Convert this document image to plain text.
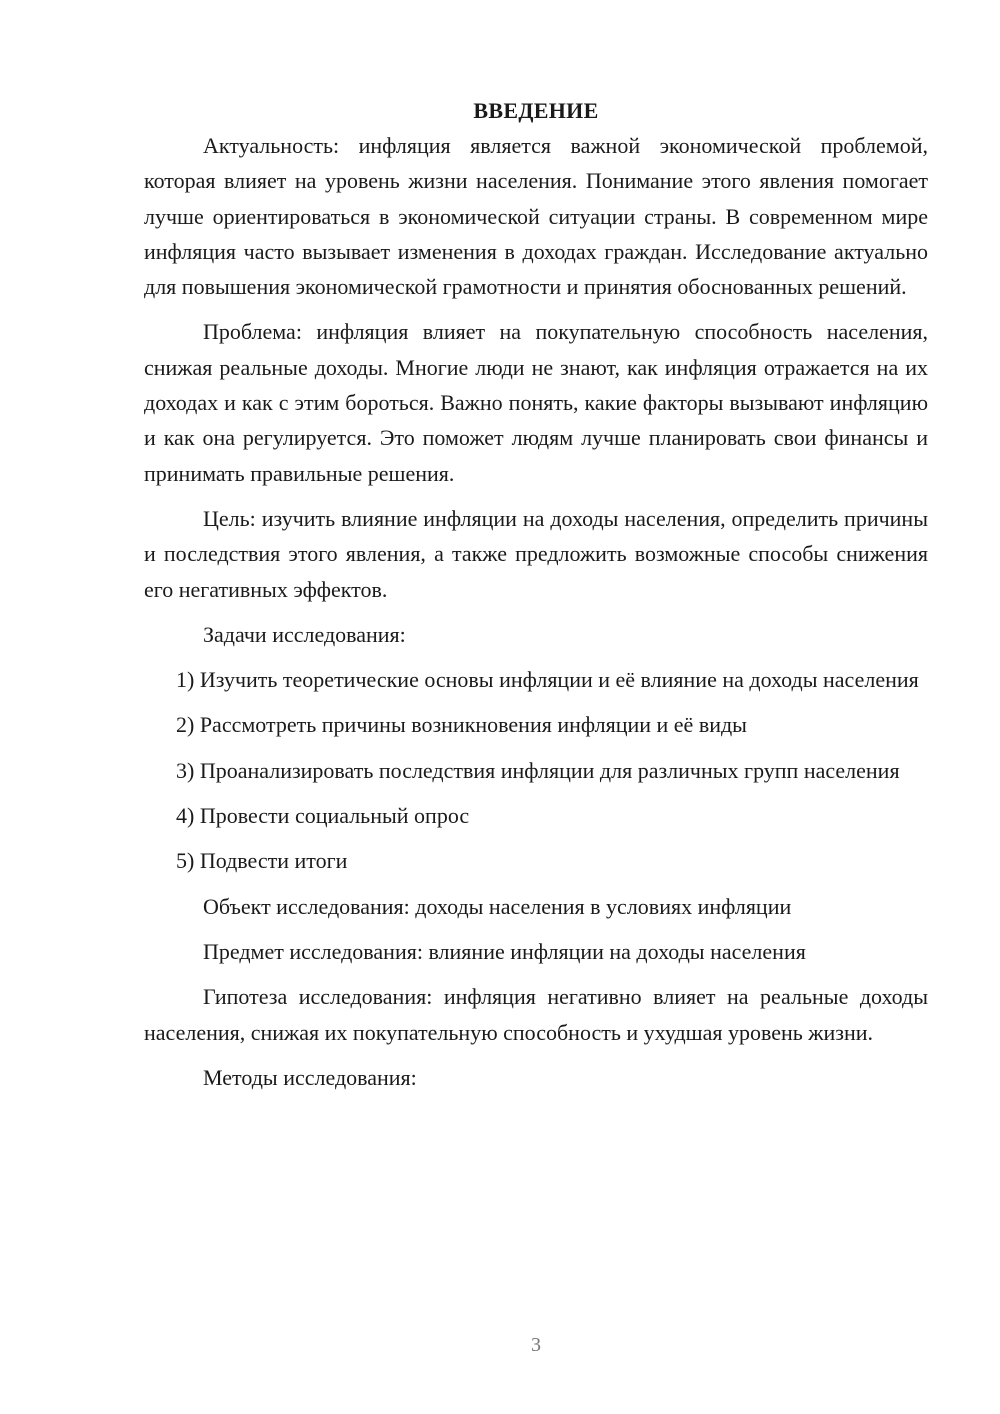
ВВЕДЕНИЕ

Актуальность: инфляция является важной экономической проблемой, которая влияет на уровень жизни населения. Понимание этого явления помогает лучше ориентироваться в экономической ситуации страны. В современном мире инфляция часто вызывает изменения в доходах граждан. Исследование актуально для повышения экономической грамотности и принятия обоснованных решений.

Проблема: инфляция влияет на покупательную способность населения, снижая реальные доходы. Многие люди не знают, как инфляция отражается на их доходах и как с этим бороться. Важно понять, какие факторы вызывают инфляцию и как она регулируется. Это поможет людям лучше планировать свои финансы и принимать правильные решения.

Цель: изучить влияние инфляции на доходы населения, определить причины и последствия этого явления, а также предложить возможные способы снижения его негативных эффектов.

Задачи исследования:

1) Изучить теоретические основы инфляции и её влияние на доходы населения

2) Рассмотреть причины возникновения инфляции и её виды

3) Проанализировать последствия инфляции для различных групп населения

4) Провести социальный опрос

5) Подвести итоги

Объект исследования: доходы населения в условиях инфляции

Предмет исследования: влияние инфляции на доходы населения

Гипотеза исследования: инфляция негативно влияет на реальные доходы населения, снижая их покупательную способность и ухудшая уровень жизни.

Методы исследования:

3
